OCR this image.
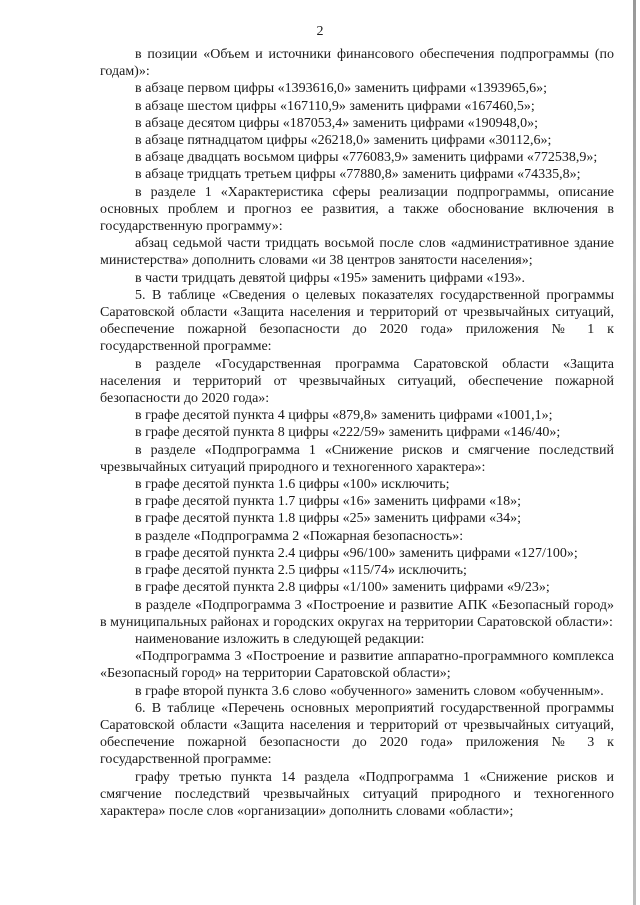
2

в позиции «Объем и источники финансового обеспечения подпрограммы (по годам)»:

в абзаце первом цифры «1393616,0» заменить цифрами «1393965,6»;

в абзаце шестом цифры «167110,9» заменить цифрами «167460,5»;

в абзаце десятом цифры «187053,4» заменить цифрами «190948,0»;

в абзаце пятнадцатом цифры «26218,0» заменить цифрами «30112,6»;

в абзаце двадцать восьмом цифры «776083,9» заменить цифрами «772538,9»;

в абзаце тридцать третьем цифры «77880,8» заменить цифрами «74335,8»;

в разделе 1 «Характеристика сферы реализации подпрограммы, описание основных проблем и прогноз ее развития, а также обоснование включения в государственную программу»:

абзац седьмой части тридцать восьмой после слов «административное здание министерства» дополнить словами «и 38 центров занятости населения»;

в части тридцать девятой цифры «195» заменить цифрами «193».

5. В таблице «Сведения о целевых показателях государственной программы Саратовской области «Защита населения и территорий от чрезвычайных ситуаций, обеспечение пожарной безопасности до 2020 года» приложения № 1 к государственной программе:

в разделе «Государственная программа Саратовской области «Защита населения и территорий от чрезвычайных ситуаций, обеспечение пожарной безопасности до 2020 года»:

в графе десятой пункта 4 цифры «879,8» заменить цифрами «1001,1»;

в графе десятой пункта 8 цифры «222/59» заменить цифрами «146/40»;

в разделе «Подпрограмма 1 «Снижение рисков и смягчение последствий чрезвычайных ситуаций природного и техногенного характера»:

в графе десятой пункта 1.6 цифры «100» исключить;

в графе десятой пункта 1.7 цифры «16» заменить цифрами «18»;

в графе десятой пункта 1.8 цифры «25» заменить цифрами «34»;

в разделе «Подпрограмма 2 «Пожарная безопасность»:

в графе десятой пункта 2.4 цифры «96/100» заменить цифрами «127/100»;

в графе десятой пункта 2.5 цифры «115/74» исключить;

в графе десятой пункта 2.8 цифры «1/100» заменить цифрами «9/23»;

в разделе «Подпрограмма 3 «Построение и развитие АПК «Безопасный город» в муниципальных районах и городских округах на территории Саратовской области»:

наименование изложить в следующей редакции:

«Подпрограмма 3 «Построение и развитие аппаратно-программного комплекса «Безопасный город» на территории Саратовской области»;

в графе второй пункта 3.6 слово «обученного» заменить словом «обученным».

6. В таблице «Перечень основных мероприятий государственной программы Саратовской области «Защита населения и территорий от чрезвычайных ситуаций, обеспечение пожарной безопасности до 2020 года» приложения № 3 к государственной программе:

графу третью пункта 14 раздела «Подпрограмма 1 «Снижение рисков и смягчение последствий чрезвычайных ситуаций природного и техногенного характера» после слов «организации» дополнить словами «области»;
